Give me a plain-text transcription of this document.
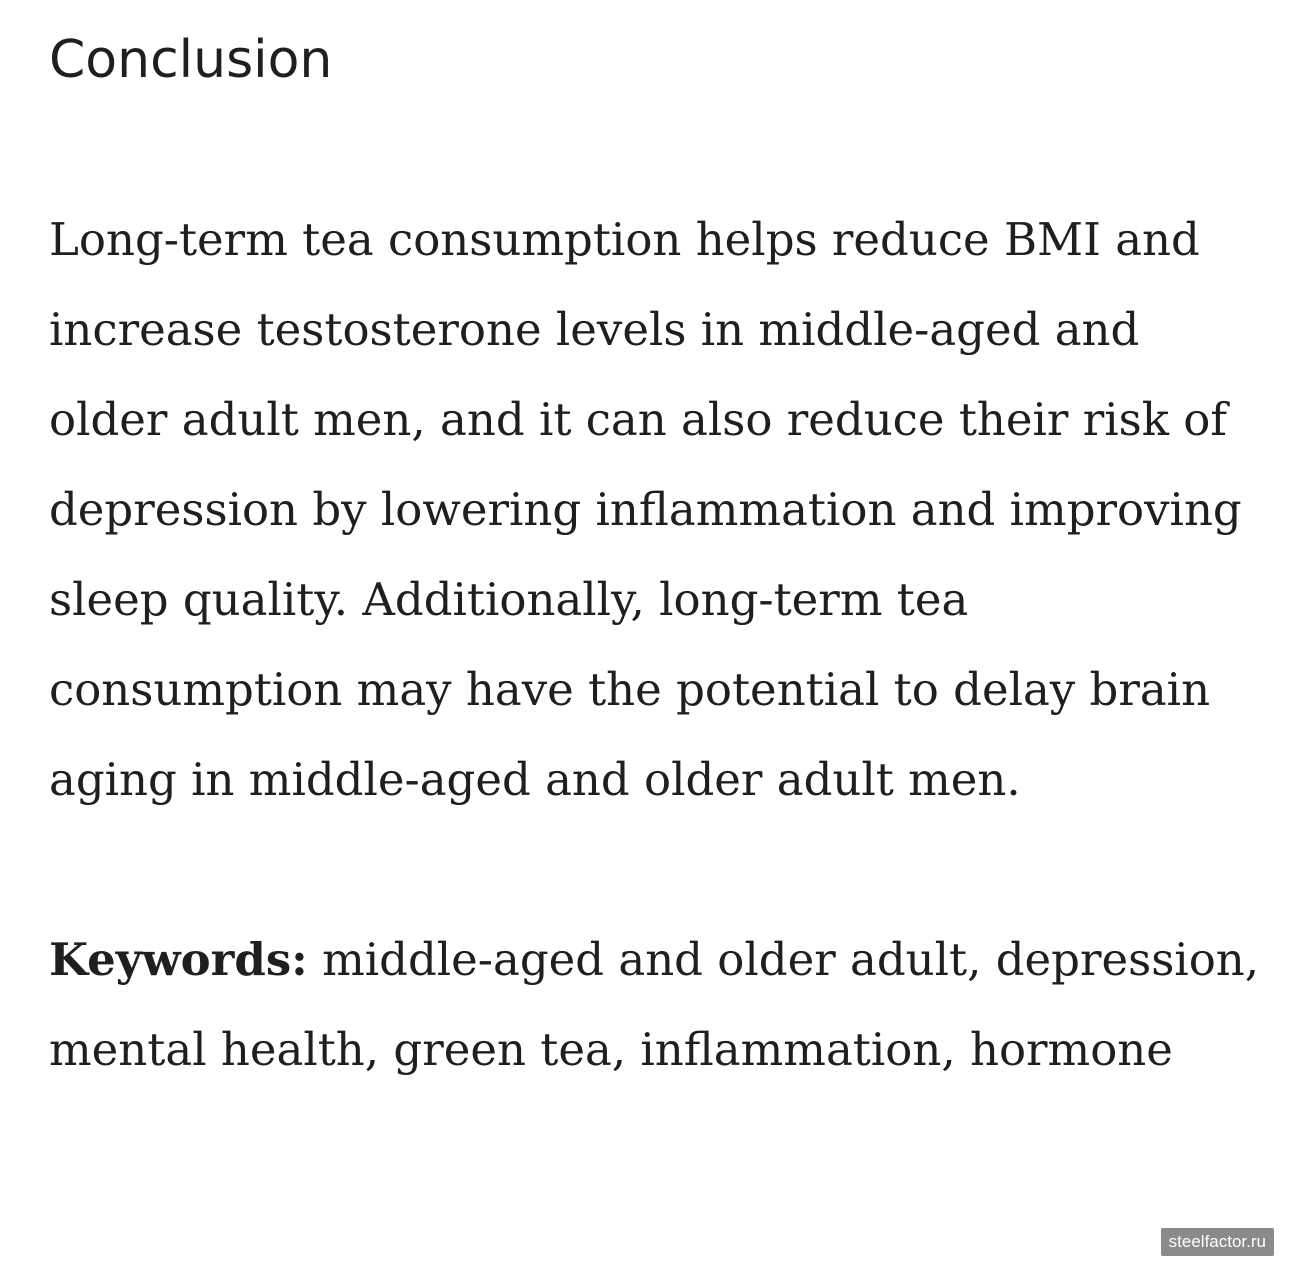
Conclusion

Long-term tea consumption helps reduce BMI and increase testosterone levels in middle-aged and older adult men, and it can also reduce their risk of depression by lowering inflammation and improving sleep quality. Additionally, long-term tea consumption may have the potential to delay brain aging in middle-aged and older adult men.

Keywords: middle-aged and older adult, depression, mental health, green tea, inflammation, hormone

steelfactor.ru
